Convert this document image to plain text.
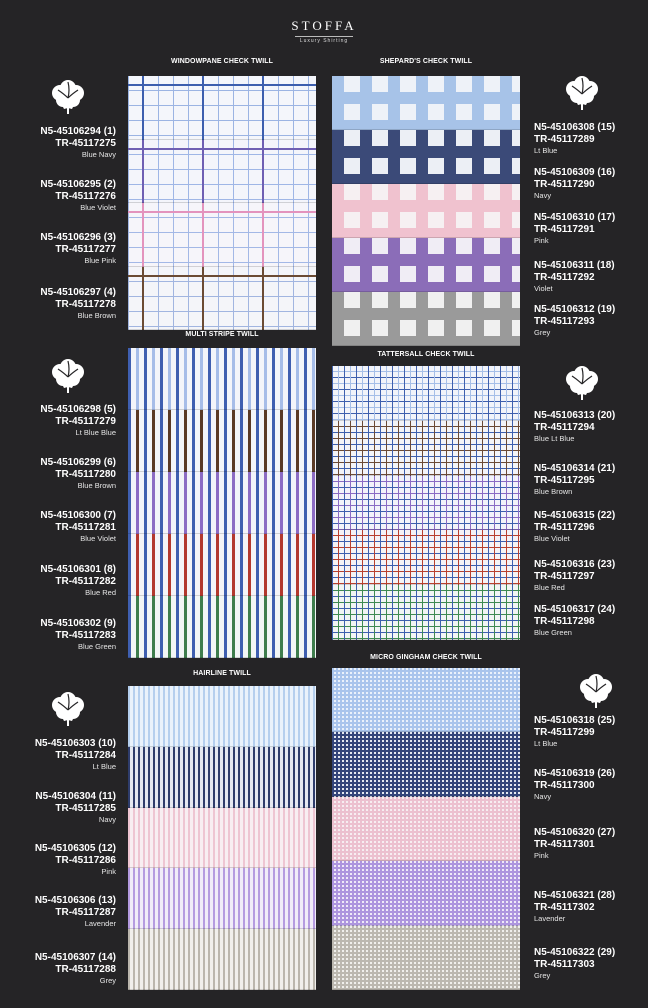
STOFFA
Luxury Shirting
WINDOWPANE CHECK TWILL
N5-45106294 (1)
TR-45117275
Blue Navy
N5-45106295 (2)
TR-45117276
Blue Violet
N5-45106296 (3)
TR-45117277
Blue Pink
N5-45106297 (4)
TR-45117278
Blue Brown
SHEPARD'S CHECK TWILL
N5-45106308 (15)
TR-45117289
Lt Blue
N5-45106309 (16)
TR-45117290
Navy
N5-45106310 (17)
TR-45117291
Pink
N5-45106311 (18)
TR-45117292
Violet
N5-45106312 (19)
TR-45117293
Grey
MULTI STRIPE TWILL
N5-45106298 (5)
TR-45117279
Lt Blue Blue
N5-45106299 (6)
TR-45117280
Blue Brown
N5-45106300 (7)
TR-45117281
Blue Violet
N5-45106301 (8)
TR-45117282
Blue Red
N5-45106302 (9)
TR-45117283
Blue Green
TATTERSALL CHECK TWILL
N5-45106313 (20)
TR-45117294
Blue Lt Blue
N5-45106314 (21)
TR-45117295
Blue Brown
N5-45106315 (22)
TR-45117296
Blue Violet
N5-45106316 (23)
TR-45117297
Blue Red
N5-45106317 (24)
TR-45117298
Blue Green
HAIRLINE TWILL
N5-45106303 (10)
TR-45117284
Lt Blue
N5-45106304 (11)
TR-45117285
Navy
N5-45106305 (12)
TR-45117286
Pink
N5-45106306 (13)
TR-45117287
Lavender
N5-45106307 (14)
TR-45117288
Grey
MICRO GINGHAM CHECK TWILL
N5-45106318 (25)
TR-45117299
Lt Blue
N5-45106319 (26)
TR-45117300
Navy
N5-45106320 (27)
TR-45117301
Pink
N5-45106321 (28)
TR-45117302
Lavender
N5-45106322 (29)
TR-45117303
Grey
